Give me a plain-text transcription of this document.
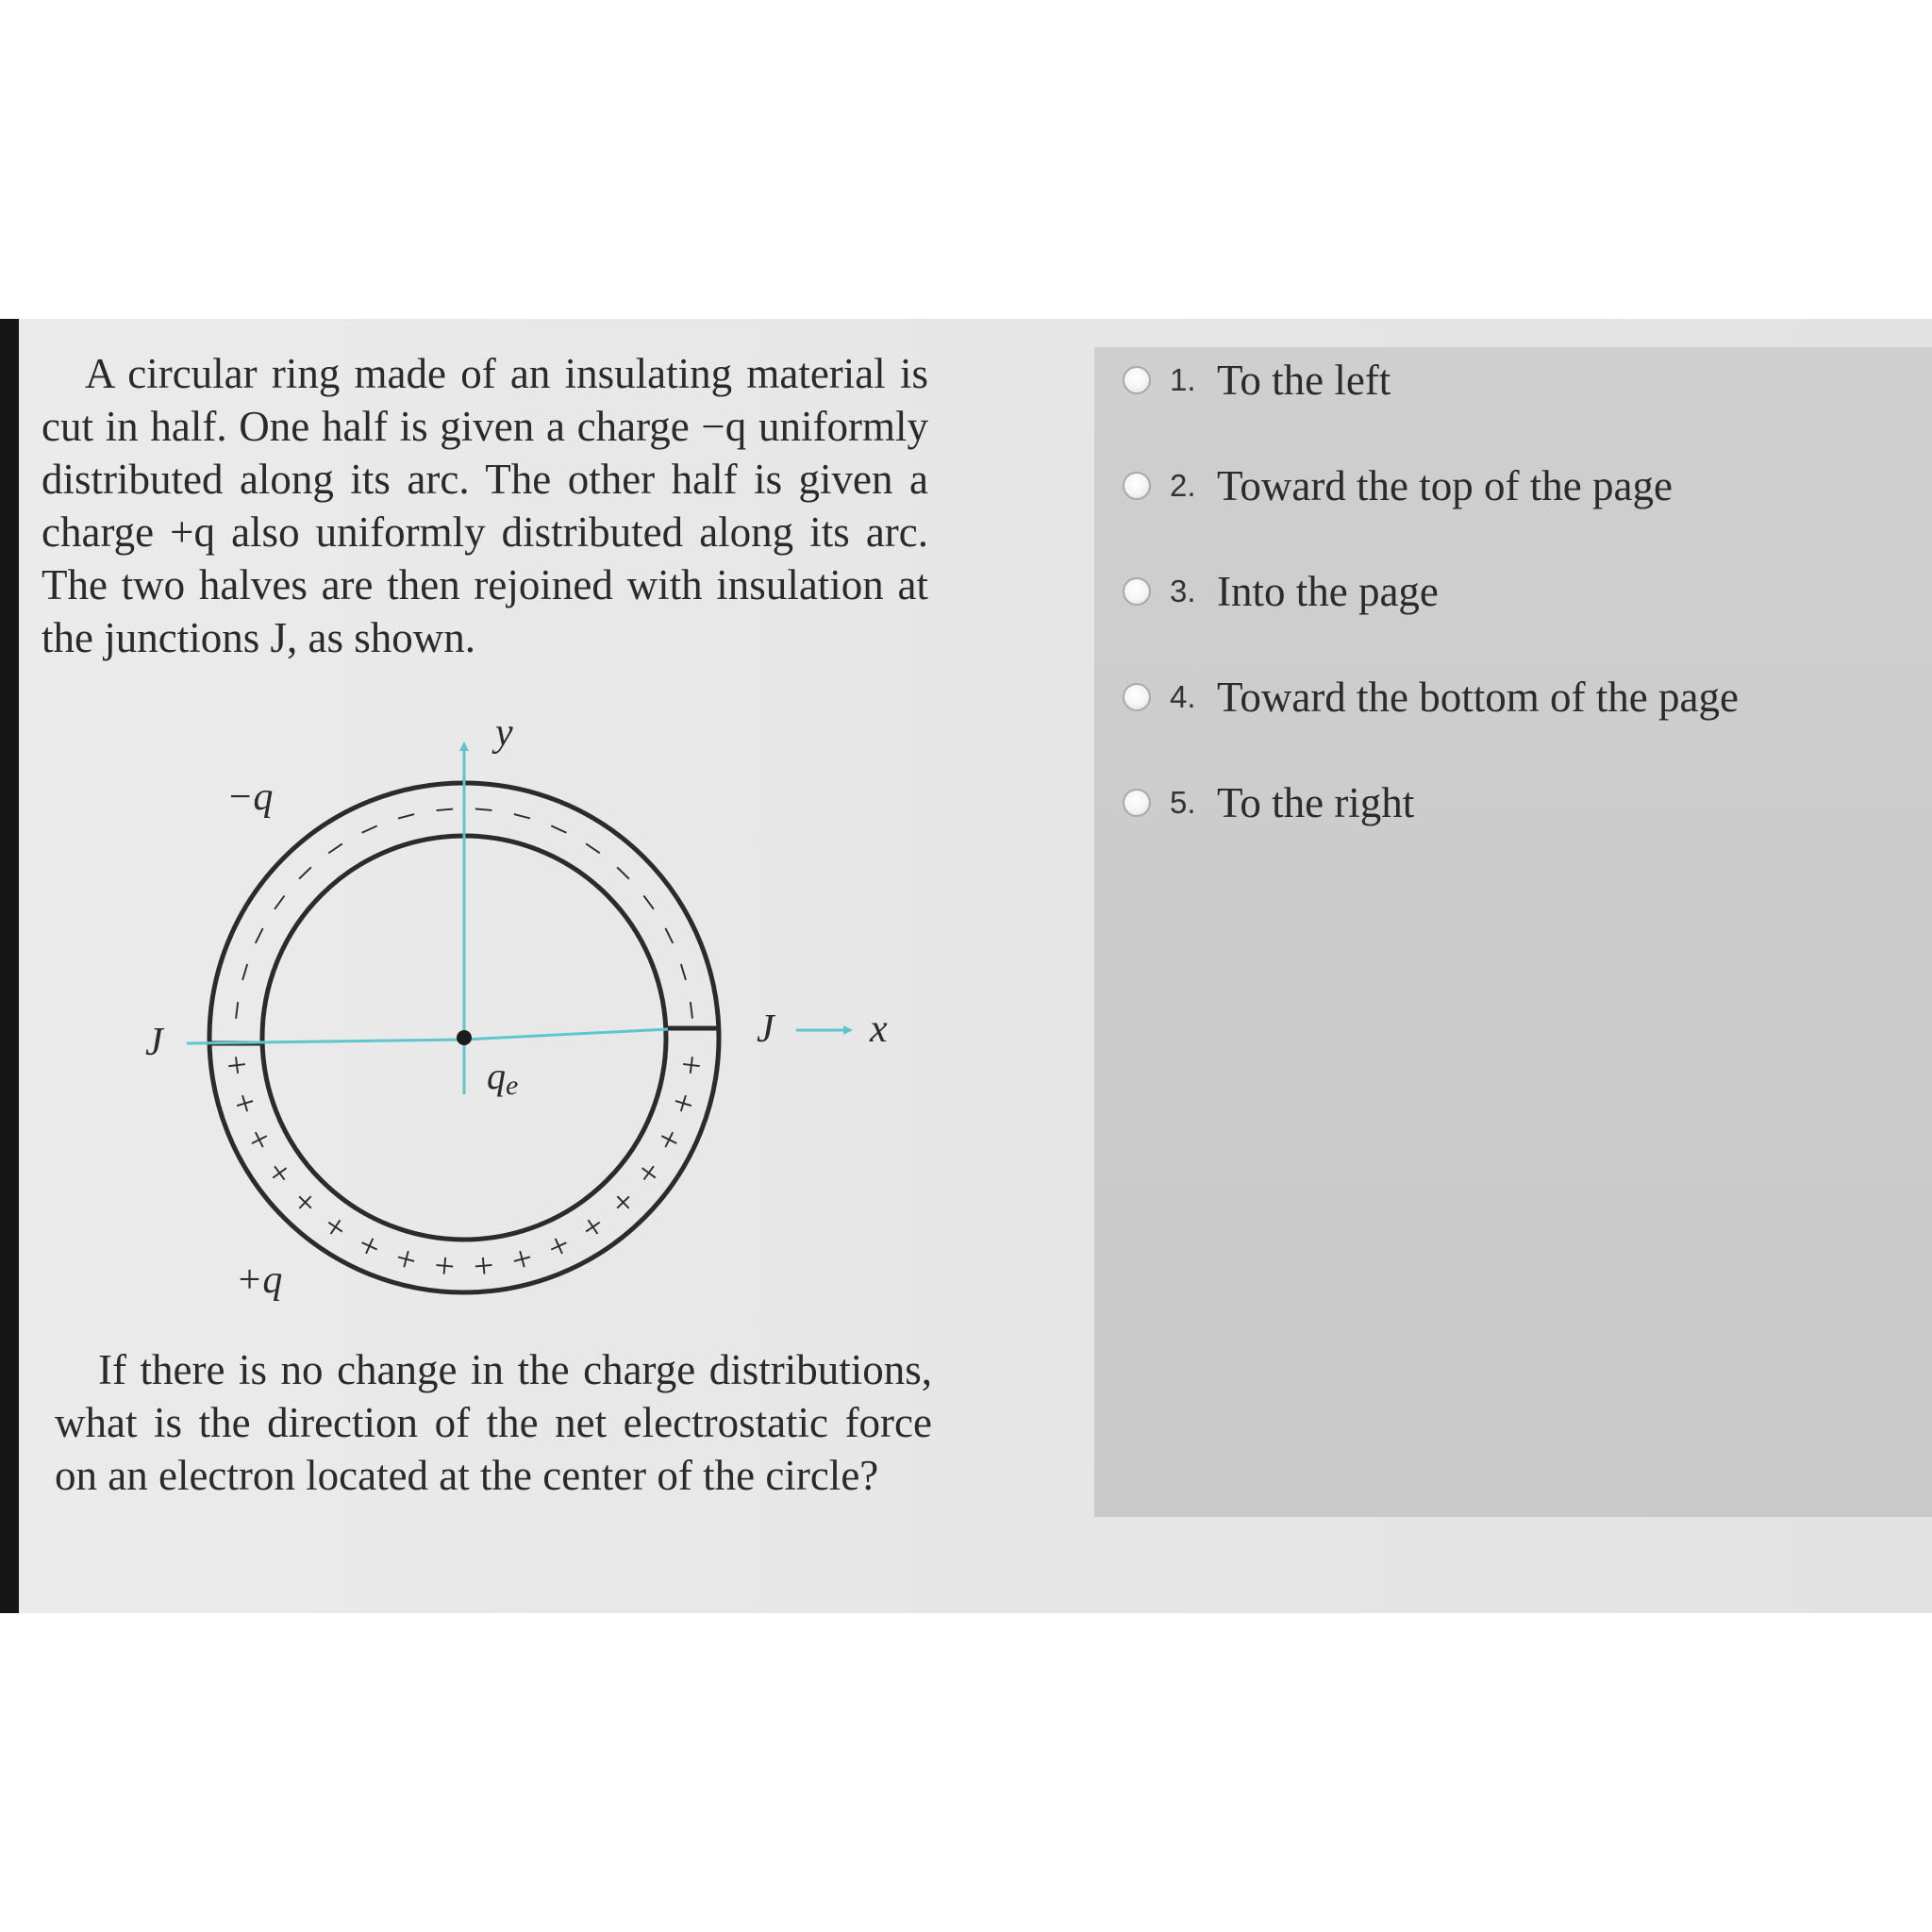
A circular ring made of an insulating material is cut in half. One half is given a charge −q uniformly distributed along its arc. The other half is given a charge +q also uniformly distributed along its arc. The two halves are then rejoined with insulation at the junctions J, as shown.

−
−
−
−
−
−
−
−
−
−
−
−
−
−
−
−
−
−
+
+
+
+
+
+
+ + + + + +
+
+
+
+
+
+
y
x
J	J
−q
+q
qe

If there is no change in the charge distributions, what is the direction of the net electrostatic force on an electron located at the center of the circle?

1. To the left
2. Toward the top of the page
3. Into the page
4. Toward the bottom of the page
5. To the right
